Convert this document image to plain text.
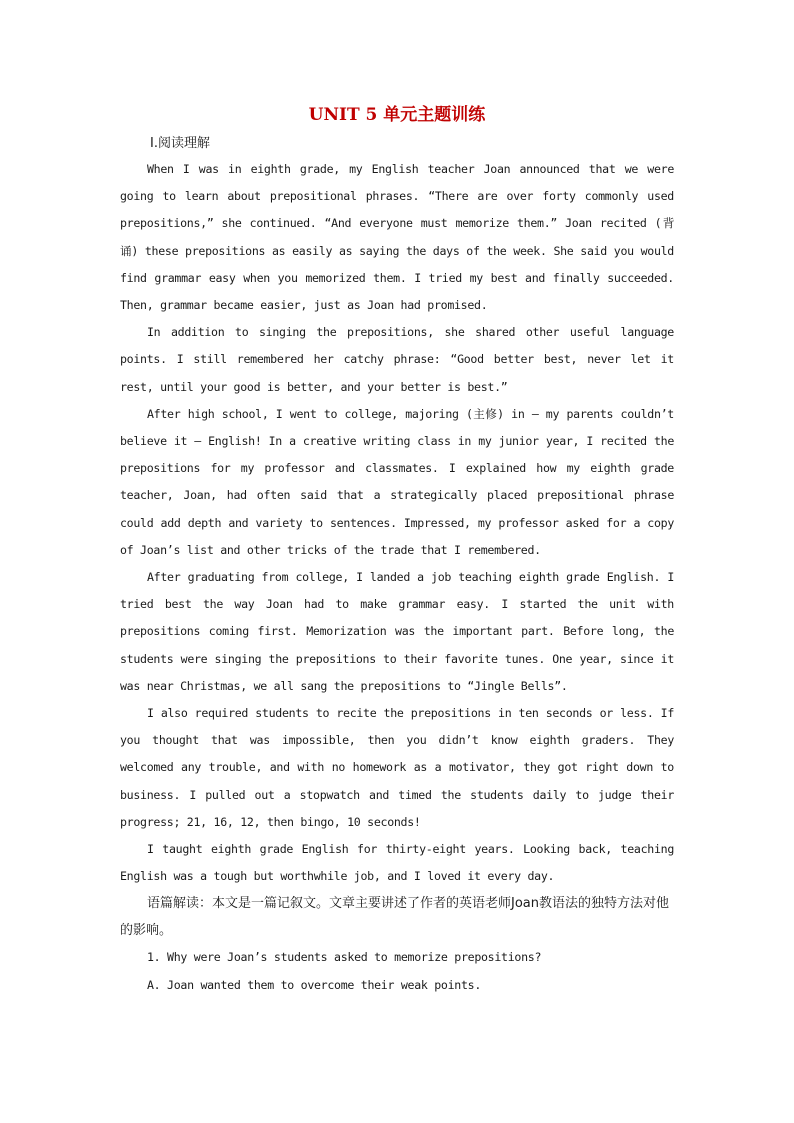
UNIT 5 单元主题训练
Ⅰ.阅读理解

When I was in eighth grade, my English teacher Joan announced that we were going to learn about prepositional phrases. “There are over forty commonly used prepositions,” she continued. “And everyone must memorize them.” Joan recited (背诵) these prepositions as easily as saying the days of the week. She said you would find grammar easy when you memorized them. I tried my best and finally succeeded. Then, grammar became easier, just as Joan had promised.

In addition to singing the prepositions, she shared other useful language points. I still remembered her catchy phrase: “Good better best, never let it rest, until your good is better, and your better is best.”

After high school, I went to college, majoring (主修) in — my parents couldn’t believe it — English! In a creative writing class in my junior year, I recited the prepositions for my professor and classmates. I explained how my eighth grade teacher, Joan, had often said that a strategically placed prepositional phrase could add depth and variety to sentences. Impressed, my professor asked for a copy of Joan’s list and other tricks of the trade that I remembered.

After graduating from college, I landed a job teaching eighth grade English. I tried best the way Joan had to make grammar easy. I started the unit with prepositions coming first. Memorization was the important part. Before long, the students were singing the prepositions to their favorite tunes. One year, since it was near Christmas, we all sang the prepositions to “Jingle Bells”.

I also required students to recite the prepositions in ten seconds or less. If you thought that was impossible, then you didn’t know eighth graders. They welcomed any trouble, and with no homework as a motivator, they got right down to business. I pulled out a stopwatch and timed the students daily to judge their progress; 21, 16, 12, then bingo, 10 seconds!

I taught eighth grade English for thirty-eight years. Looking back, teaching English was a tough but worthwhile job, and I loved it every day.

语篇解读：本文是一篇记叙文。文章主要讲述了作者的英语老师Joan教语法的独特方法对他的影响。

1. Why were Joan’s students asked to memorize prepositions?

A. Joan wanted them to overcome their weak points.
